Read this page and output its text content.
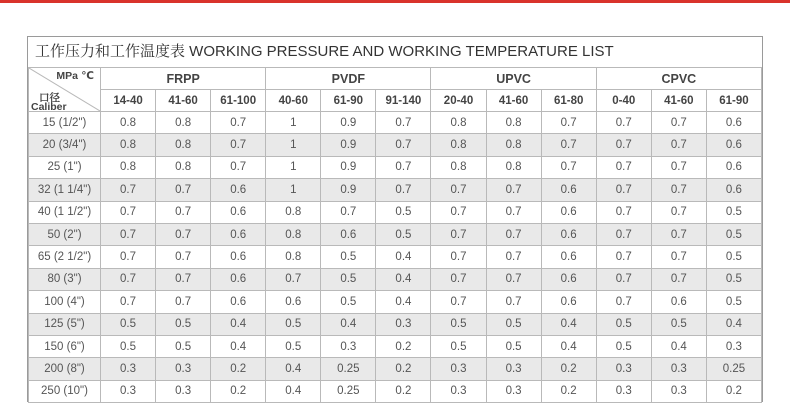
工作压力和工作温度表 WORKING PRESSURE AND WORKING TEMPERATURE LIST
MPa ℃
口径
Caliber	FRPP			PVDF			UPVC			CPVC		
	14-40	41-60	61-100	40-60	61-90	91-140	20-40	41-60	61-80	0-40	41-60	61-90
15 (1/2")	0.8	0.8	0.7	1	0.9	0.7	0.8	0.8	0.7	0.7	0.7	0.6
20 (3/4")	0.8	0.8	0.7	1	0.9	0.7	0.8	0.8	0.7	0.7	0.7	0.6
25 (1")	0.8	0.8	0.7	1	0.9	0.7	0.8	0.8	0.7	0.7	0.7	0.6
32 (1 1/4")	0.7	0.7	0.6	1	0.9	0.7	0.7	0.7	0.6	0.7	0.7	0.6
40 (1 1/2")	0.7	0.7	0.6	0.8	0.7	0.5	0.7	0.7	0.6	0.7	0.7	0.5
50 (2")	0.7	0.7	0.6	0.8	0.6	0.5	0.7	0.7	0.6	0.7	0.7	0.5
65 (2 1/2")	0.7	0.7	0.6	0.8	0.5	0.4	0.7	0.7	0.6	0.7	0.7	0.5
80 (3")	0.7	0.7	0.6	0.7	0.5	0.4	0.7	0.7	0.6	0.7	0.7	0.5
100 (4")	0.7	0.7	0.6	0.6	0.5	0.4	0.7	0.7	0.6	0.7	0.6	0.5
125 (5")	0.5	0.5	0.4	0.5	0.4	0.3	0.5	0.5	0.4	0.5	0.5	0.4
150 (6")	0.5	0.5	0.4	0.5	0.3	0.2	0.5	0.5	0.4	0.5	0.4	0.3
200 (8")	0.3	0.3	0.2	0.4	0.25	0.2	0.3	0.3	0.2	0.3	0.3	0.25
250 (10")	0.3	0.3	0.2	0.4	0.25	0.2	0.3	0.3	0.2	0.3	0.3	0.2
